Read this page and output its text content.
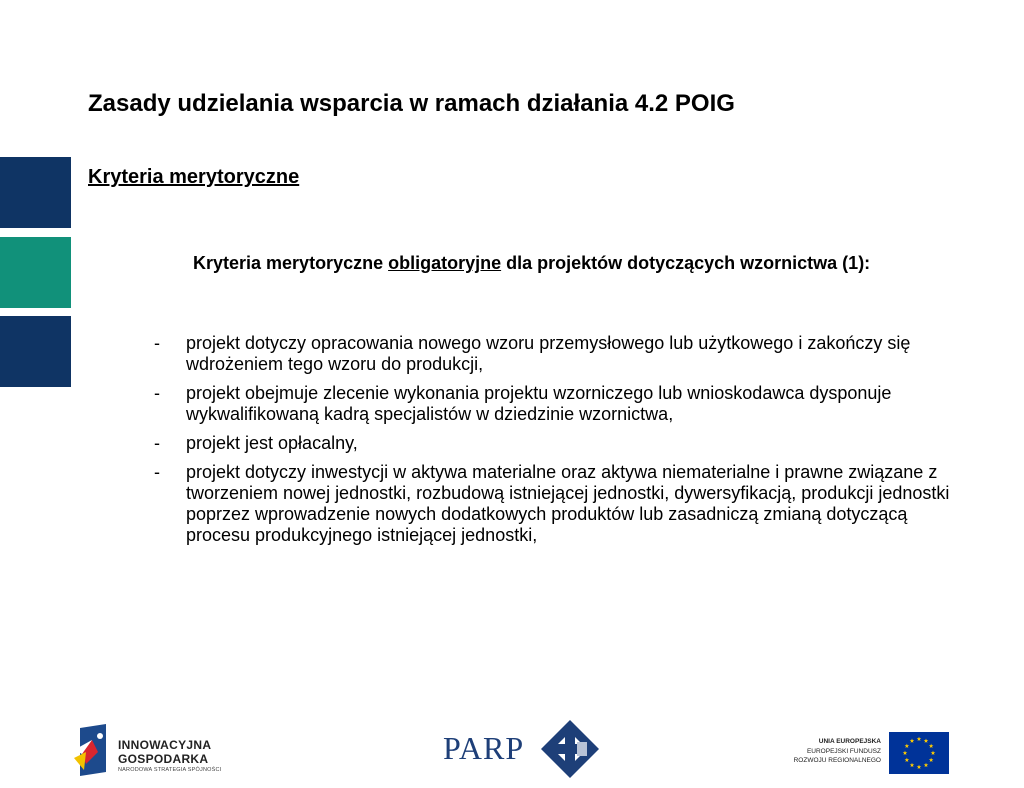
Zasady udzielania wsparcia w ramach działania 4.2 POIG
Kryteria merytoryczne

Kryteria merytoryczne obligatoryjne dla projektów dotyczących wzornictwa (1):

- projekt dotyczy opracowania nowego wzoru przemysłowego lub użytkowego i zakończy się wdrożeniem tego wzoru do produkcji,
- projekt obejmuje zlecenie wykonania projektu wzorniczego lub wnioskodawca dysponuje wykwalifikowaną kadrą specjalistów w dziedzinie wzornictwa,
- projekt jest opłacalny,
- projekt dotyczy inwestycji w aktywa materialne oraz aktywa niematerialne i prawne związane z tworzeniem nowej jednostki, rozbudową istniejącej jednostki, dywersyfikacją, produkcji jednostki poprzez wprowadzenie nowych dodatkowych produktów lub zasadniczą zmianą dotyczącą procesu produkcyjnego istniejącej jednostki,
INNOWACYJNA
GOSPODARKA
NARODOWA STRATEGIA SPÓJNOŚCI
PARP	UNIA EUROPEJSKA
EUROPEJSKI FUNDUSZ
ROZWOJU REGIONALNEGO
